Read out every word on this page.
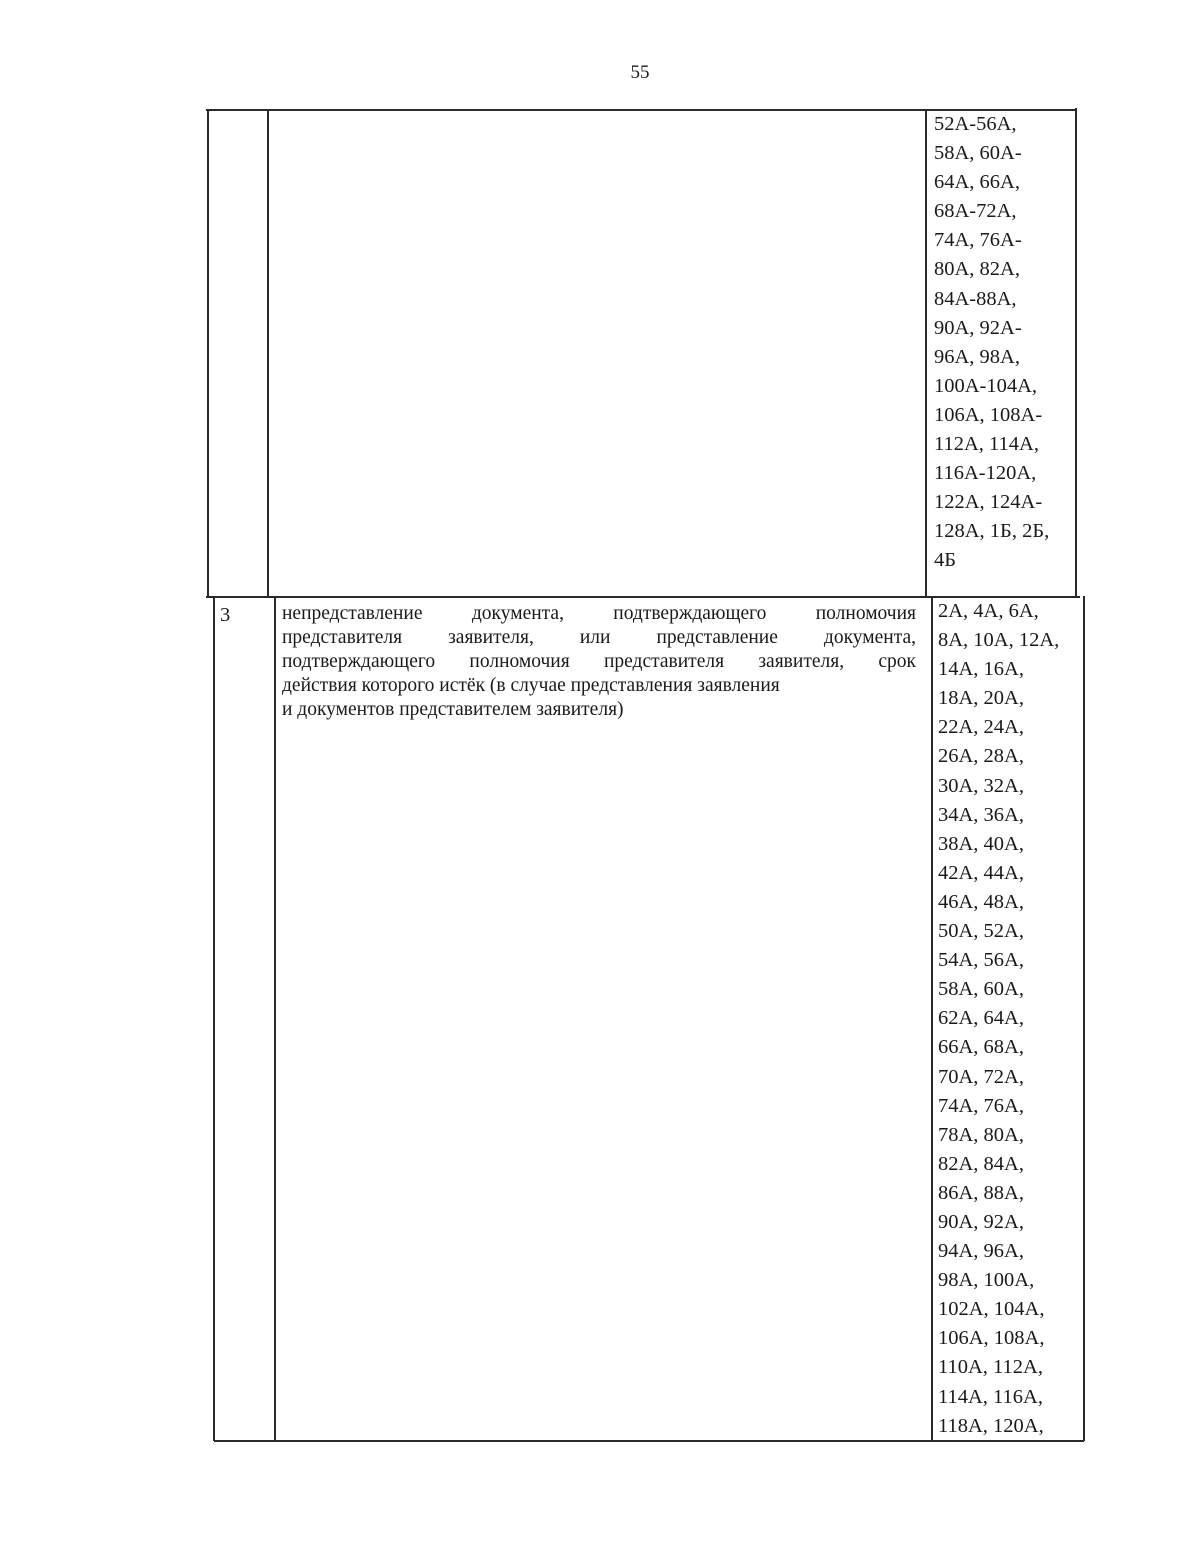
55
52А-56А,
58А, 60А-
64А, 66А,
68А-72А,
74А, 76А-
80А, 82А,
84А-88А,
90А, 92А-
96А, 98А,
100А-104А,
106А, 108А-
112А, 114А,
116А-120А,
122А, 124А-
128А, 1Б, 2Б,
4Б
3	непредставление документа, подтверждающего полномочия
представителя заявителя, или представление документа,
подтверждающего полномочия представителя заявителя, срок
действия которого истёк (в случае представления заявления
и документов представителем заявителя)
2А, 4А, 6А,
8А, 10А, 12А,
14А, 16А,
18А, 20А,
22А, 24А,
26А, 28А,
30А, 32А,
34А, 36А,
38А, 40А,
42А, 44А,
46А, 48А,
50А, 52А,
54А, 56А,
58А, 60А,
62А, 64А,
66А, 68А,
70А, 72А,
74А, 76А,
78А, 80А,
82А, 84А,
86А, 88А,
90А, 92А,
94А, 96А,
98А, 100А,
102А, 104А,
106А, 108А,
110А, 112А,
114А, 116А,
118А, 120А,
